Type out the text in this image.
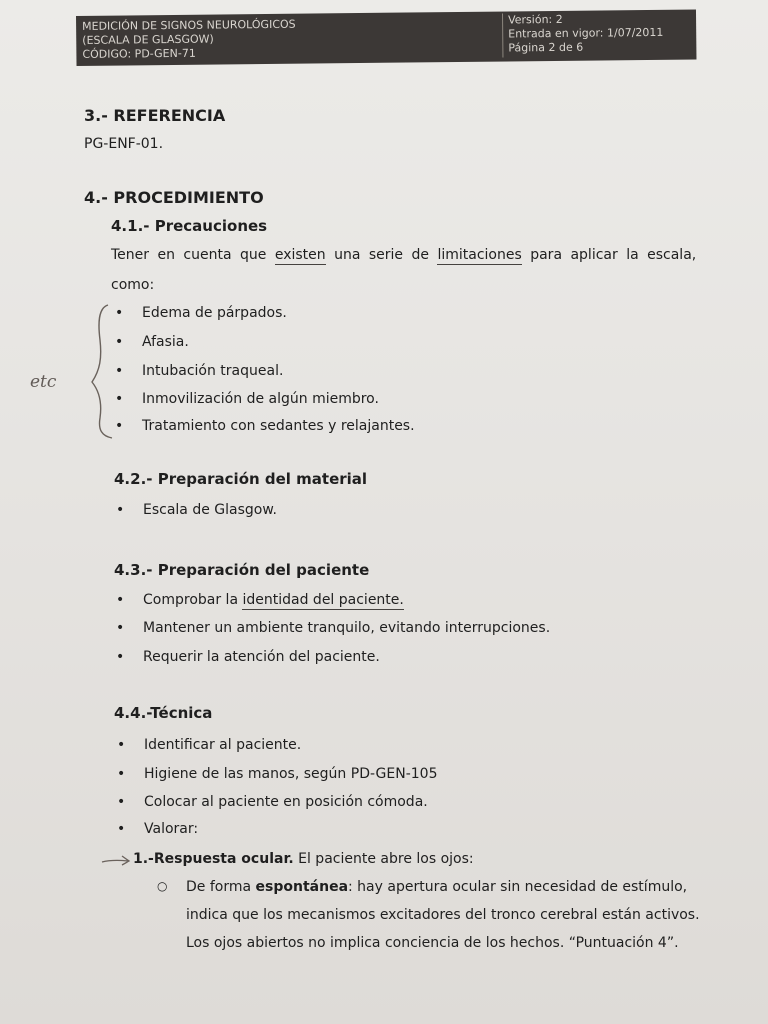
MEDICIÓN DE SIGNOS NEUROLÓGICOS
(ESCALA DE GLASGOW)
CÓDIGO: PD-GEN-71
Versión: 2
Entrada en vigor: 1/07/2011
Página 2 de 6
3.- REFERENCIA
PG-ENF-01.
4.- PROCEDIMIENTO
4.1.- Precauciones
Tener en cuenta que existen una serie de limitaciones para aplicar la escala,
como:
• Edema de párpados.
• Afasia.
• Intubación traqueal.
• Inmovilización de algún miembro.
• Tratamiento con sedantes y relajantes.
etc
4.2.- Preparación del material
• Escala de Glasgow.
4.3.- Preparación del paciente
• Comprobar la identidad del paciente.
• Mantener un ambiente tranquilo, evitando interrupciones.
• Requerir la atención del paciente.
4.4.-Técnica
• Identificar al paciente.
• Higiene de las manos, según PD-GEN-105
• Colocar al paciente en posición cómoda.
• Valorar:
1.-Respuesta ocular. El paciente abre los ojos:
○ De forma espontánea: hay apertura ocular sin necesidad de estímulo,
indica que los mecanismos excitadores del tronco cerebral están activos.
Los ojos abiertos no implica conciencia de los hechos. “Puntuación 4”.
